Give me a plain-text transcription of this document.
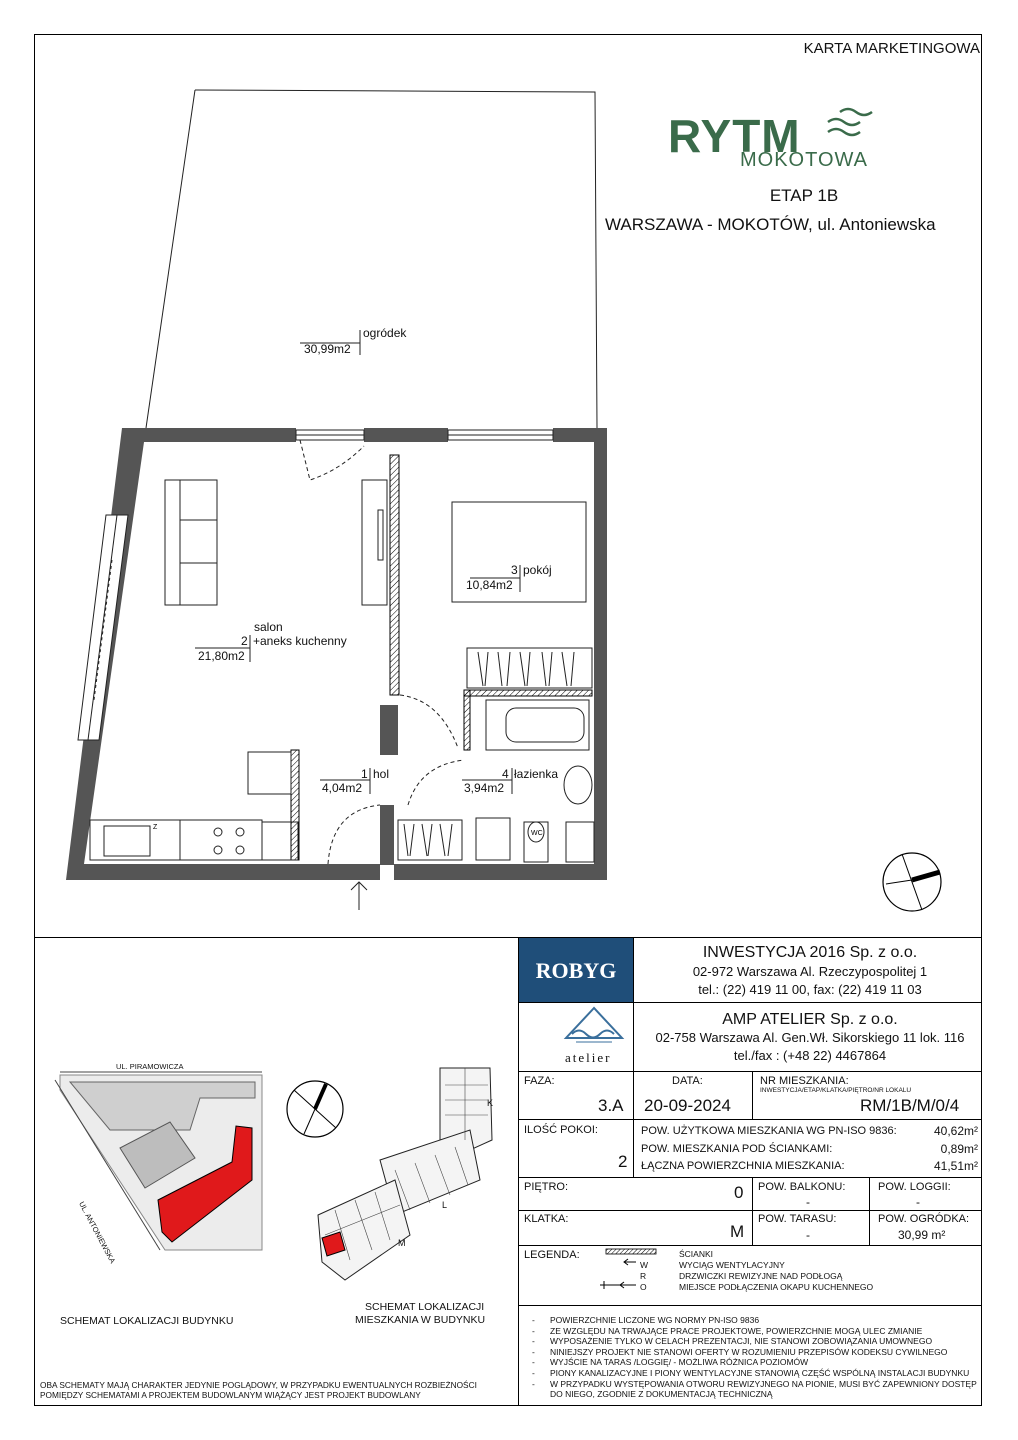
KARTA MARKETINGOWA
RYTM
MOKOTOWA
ETAP 1B
WARSZAWA - MOKOTÓW, ul. Antoniewska
WC
Z
ogródek
30,99m2
3 pokój
10,84m2
salon
2 +aneks kuchenny
21,80m2
1 hol
4,04m2
4 łazienka
3,94m2
ROBYG
INWESTYCJA 2016 Sp. z o.o.
02-972 Warszawa Al. Rzeczypospolitej 1
tel.: (22) 419 11 00, fax: (22) 419 11 03
atelier
AMP ATELIER Sp. z o.o.
02-758 Warszawa Al. Gen.Wł. Sikorskiego 11 lok. 116
tel./fax : (+48 22) 4467864
FAZA:
3.A
DATA:
20-09-2024
NR MIESZKANIA:
INWESTYCJA/ETAP/KLATKA/PIĘTRO/NR LOKALU
RM/1B/M/0/4
ILOŚĆ POKOI:
2
POW. UŻYTKOWA MIESZKANIA WG PN-ISO 9836:
POW. MIESZKANIA POD ŚCIANKAMI:
ŁĄCZNA POWIERZCHNIA MIESZKANIA:
40,62m²
0,89m²
41,51m²
PIĘTRO:	0 POW. BALKONU:
-
POW. LOGGII:
-
KLATKA:
M
POW. TARASU:
-
POW. OGRÓDKA:
30,99 m²
LEGENDA:
W
R
O
ŚCIANKI
WYCIĄG WENTYLACYJNY
DRZWICZKI REWIZYJNE NAD PODŁOGĄ
MIEJSCE PODŁĄCZENIA OKAPU KUCHENNEGO
- POWIERZCHNIE LICZONE WG NORMY PN-ISO 9836
- ZE WZGLĘDU NA TRWAJĄCE PRACE PROJEKTOWE, POWIERZCHNIE MOGĄ ULEC ZMIANIE
- WYPOSAŻENIE TYLKO W CELACH PREZENTACJI, NIE STANOWI ZOBOWIĄZANIA UMOWNEGO
- NINIEJSZY PROJEKT NIE STANOWI OFERTY W ROZUMIENIU PRZEPISÓW KODEKSU CYWILNEGO
- WYJŚCIE NA TARAS /LOGGIĘ/ - MOŻLIWA RÓŻNICA POZIOMÓW
- PIONY KANALIZACYJNE I PIONY WENTYLACYJNE STANOWIĄ CZĘŚĆ WSPÓLNĄ INSTALACJI BUDYNKU
- W PRZYPADKU WYSTĘPOWANIA OTWORU REWIZYJNEGO NA PIONIE, MUSI BYĆ ZAPEWNIONY DOSTĘP
DO NIEGO, ZGODNIE Z DOKUMENTACJĄ TECHNICZNĄ
UL. PIRAMOWICZA
UL. ANTONIEWSKA
K
L
M
SCHEMAT LOKALIZACJI BUDYNKU
SCHEMAT LOKALIZACJI
MIESZKANIA W BUDYNKU
OBA SCHEMATY MAJĄ CHARAKTER JEDYNIE POGLĄDOWY, W PRZYPADKU EWENTUALNYCH ROZBIEŻNOŚCI
POMIĘDZY SCHEMATAMI A PROJEKTEM BUDOWLANYM WIĄŻĄCY JEST PROJEKT BUDOWLANY
